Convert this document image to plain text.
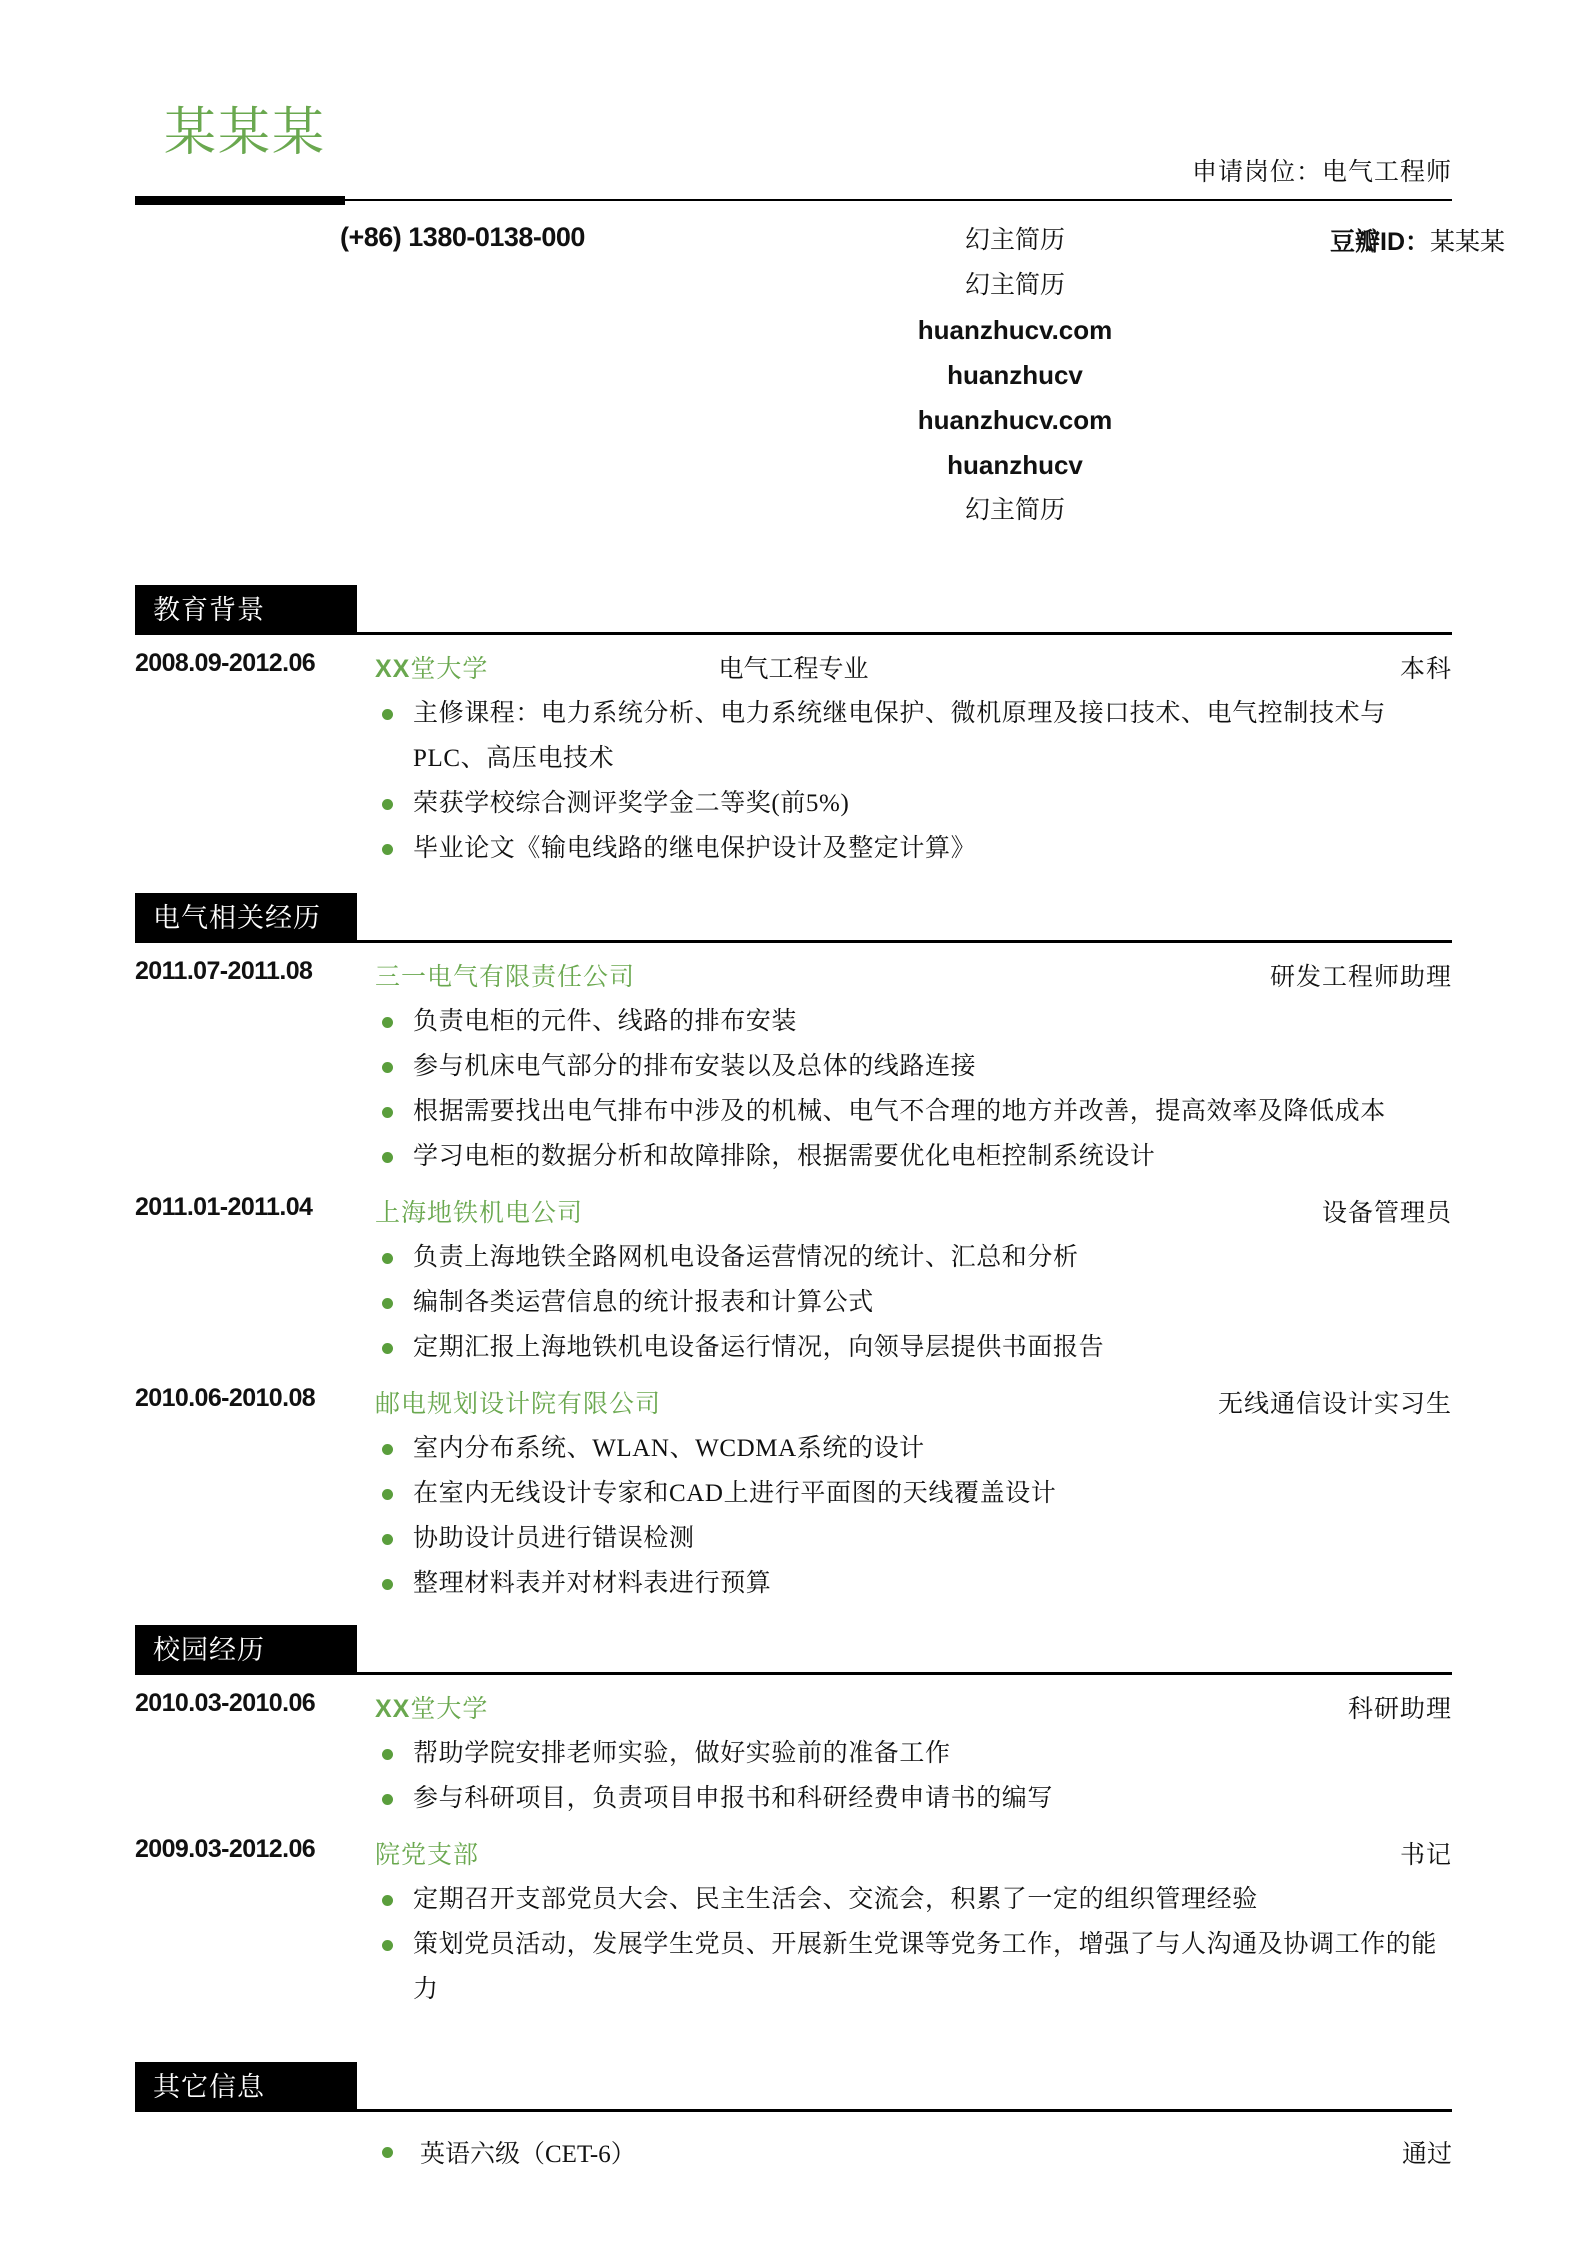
某某某
申请岗位：电气工程师
(+86) 1380-0138-000	豆瓣ID：某某某
幻主简历
幻主简历
huanzhucv.com
huanzhucv
huanzhucv.com
huanzhucv
幻主简历
教育背景
2008.09-2012.06 XX堂大学	电气工程专业	本科
主修课程：电力系统分析、电力系统继电保护、微机原理及接口技术、电气控制技术与PLC、高压电技术
荣获学校综合测评奖学金二等奖(前5%)
毕业论文《输电线路的继电保护设计及整定计算》
电气相关经历
2011.07-2011.08	三一电气有限责任公司	研发工程师助理
负责电柜的元件、线路的排布安装
参与机床电气部分的排布安装以及总体的线路连接
根据需要找出电气排布中涉及的机械、电气不合理的地方并改善，提高效率及降低成本
学习电柜的数据分析和故障排除，根据需要优化电柜控制系统设计
2011.01-2011.04	上海地铁机电公司	设备管理员
负责上海地铁全路网机电设备运营情况的统计、汇总和分析
编制各类运营信息的统计报表和计算公式
定期汇报上海地铁机电设备运行情况，向领导层提供书面报告
2010.06-2010.08 邮电规划设计院有限公司	无线通信设计实习生
室内分布系统、WLAN、WCDMA系统的设计
在室内无线设计专家和CAD上进行平面图的天线覆盖设计
协助设计员进行错误检测
整理材料表并对材料表进行预算
校园经历
2010.03-2010.06 XX堂大学	科研助理
帮助学院安排老师实验，做好实验前的准备工作
参与科研项目，负责项目申报书和科研经费申请书的编写
2009.03-2012.06 院党支部	书记
定期召开支部党员大会、民主生活会、交流会，积累了一定的组织管理经验
策划党员活动，发展学生党员、开展新生党课等党务工作，增强了与人沟通及协调工作的能力
其它信息
英语六级（CET-6）	通过
